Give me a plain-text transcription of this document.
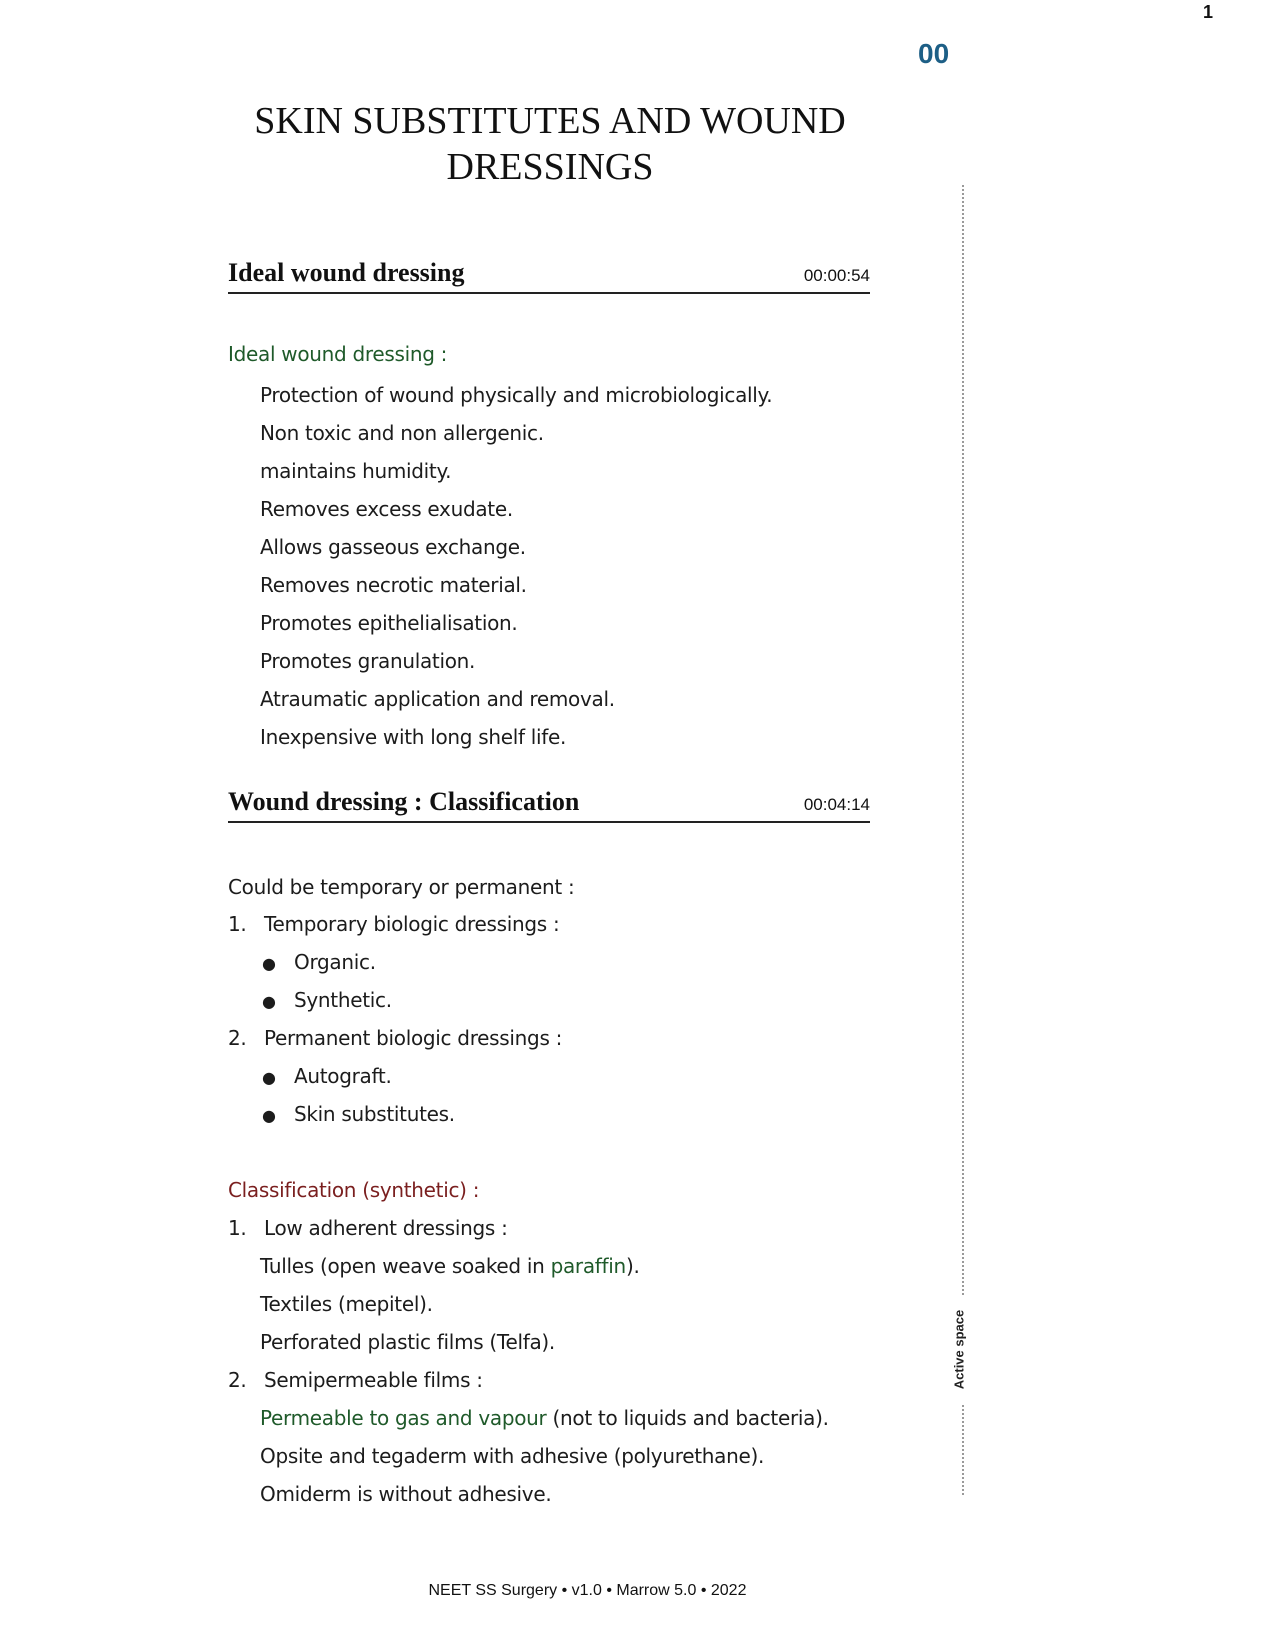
1
00
SKIN SUBSTITUTES AND WOUND
DRESSINGS
Ideal wound dressing	00:00:54
Ideal wound dressing :
Protection of wound physically and microbiologically.
Non toxic and non allergenic.
maintains humidity.
Removes excess exudate.
Allows gasseous exchange.
Removes necrotic material.
Promotes epithelialisation.
Promotes granulation.
Atraumatic application and removal.
Inexpensive with long shelf life.
Wound dressing : Classification	00:04:14
Could be temporary or permanent :
1. Temporary biologic dressings :
● Organic.
● Synthetic.
2. Permanent biologic dressings :
● Autograft.
● Skin substitutes.
Classification (synthetic) :
1. Low adherent dressings :
Tulles (open weave soaked in paraffin).
Textiles (mepitel).
Perforated plastic films (Telfa).
2. Semipermeable films :
Permeable to gas and vapour (not to liquids and bacteria).
Opsite and tegaderm with adhesive (polyurethane).
Omiderm is without adhesive.
Active space
NEET SS Surgery • v1.0 • Marrow 5.0 • 2022
